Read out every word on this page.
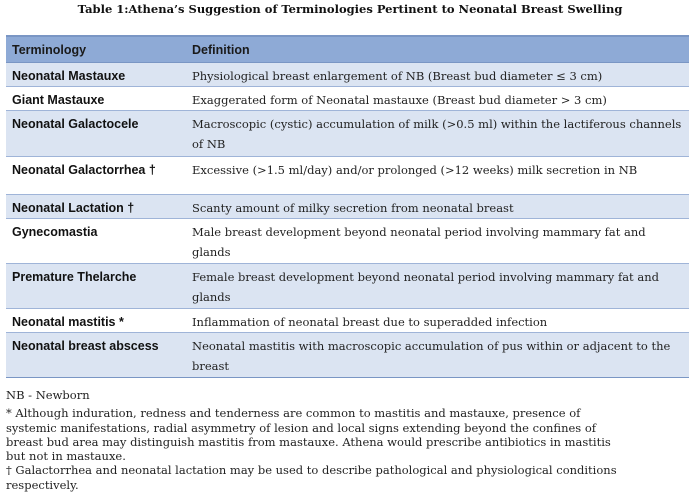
Table 1:Athena’s Suggestion of Terminologies Pertinent to Neonatal Breast Swelling
Terminology	Definition
Neonatal Mastauxe	Physiological breast enlargement of NB (Breast bud diameter ≤ 3 cm)
Giant Mastauxe	Exaggerated form of Neonatal mastauxe (Breast bud diameter > 3 cm)
Neonatal Galactocele	Macroscopic (cystic) accumulation of milk (>0.5 ml) within the lactiferous channels of NB
Neonatal Galactorrhea †	Excessive (>1.5 ml/day) and/or prolonged (>12 weeks) milk secretion in NB
Neonatal Lactation †	Scanty amount of milky secretion from neonatal breast
Gynecomastia	Male breast development beyond neonatal period involving mammary fat and glands
Premature Thelarche	Female breast development beyond neonatal period involving mammary fat and glands
Neonatal mastitis *	Inflammation of neonatal breast due to superadded infection
Neonatal breast abscess	Neonatal mastitis with macroscopic accumulation of pus within or adjacent to the breast

NB - Newborn

* Although induration, redness and tenderness are common to mastitis and mastauxe, presence of systemic manifestations, radial asymmetry of lesion and local signs extending beyond the confines of breast bud area may distinguish mastitis from mastauxe. Athena would prescribe antibiotics in mastitis but not in mastauxe.

† Galactorrhea and neonatal lactation may be used to describe pathological and physiological conditions respectively.
